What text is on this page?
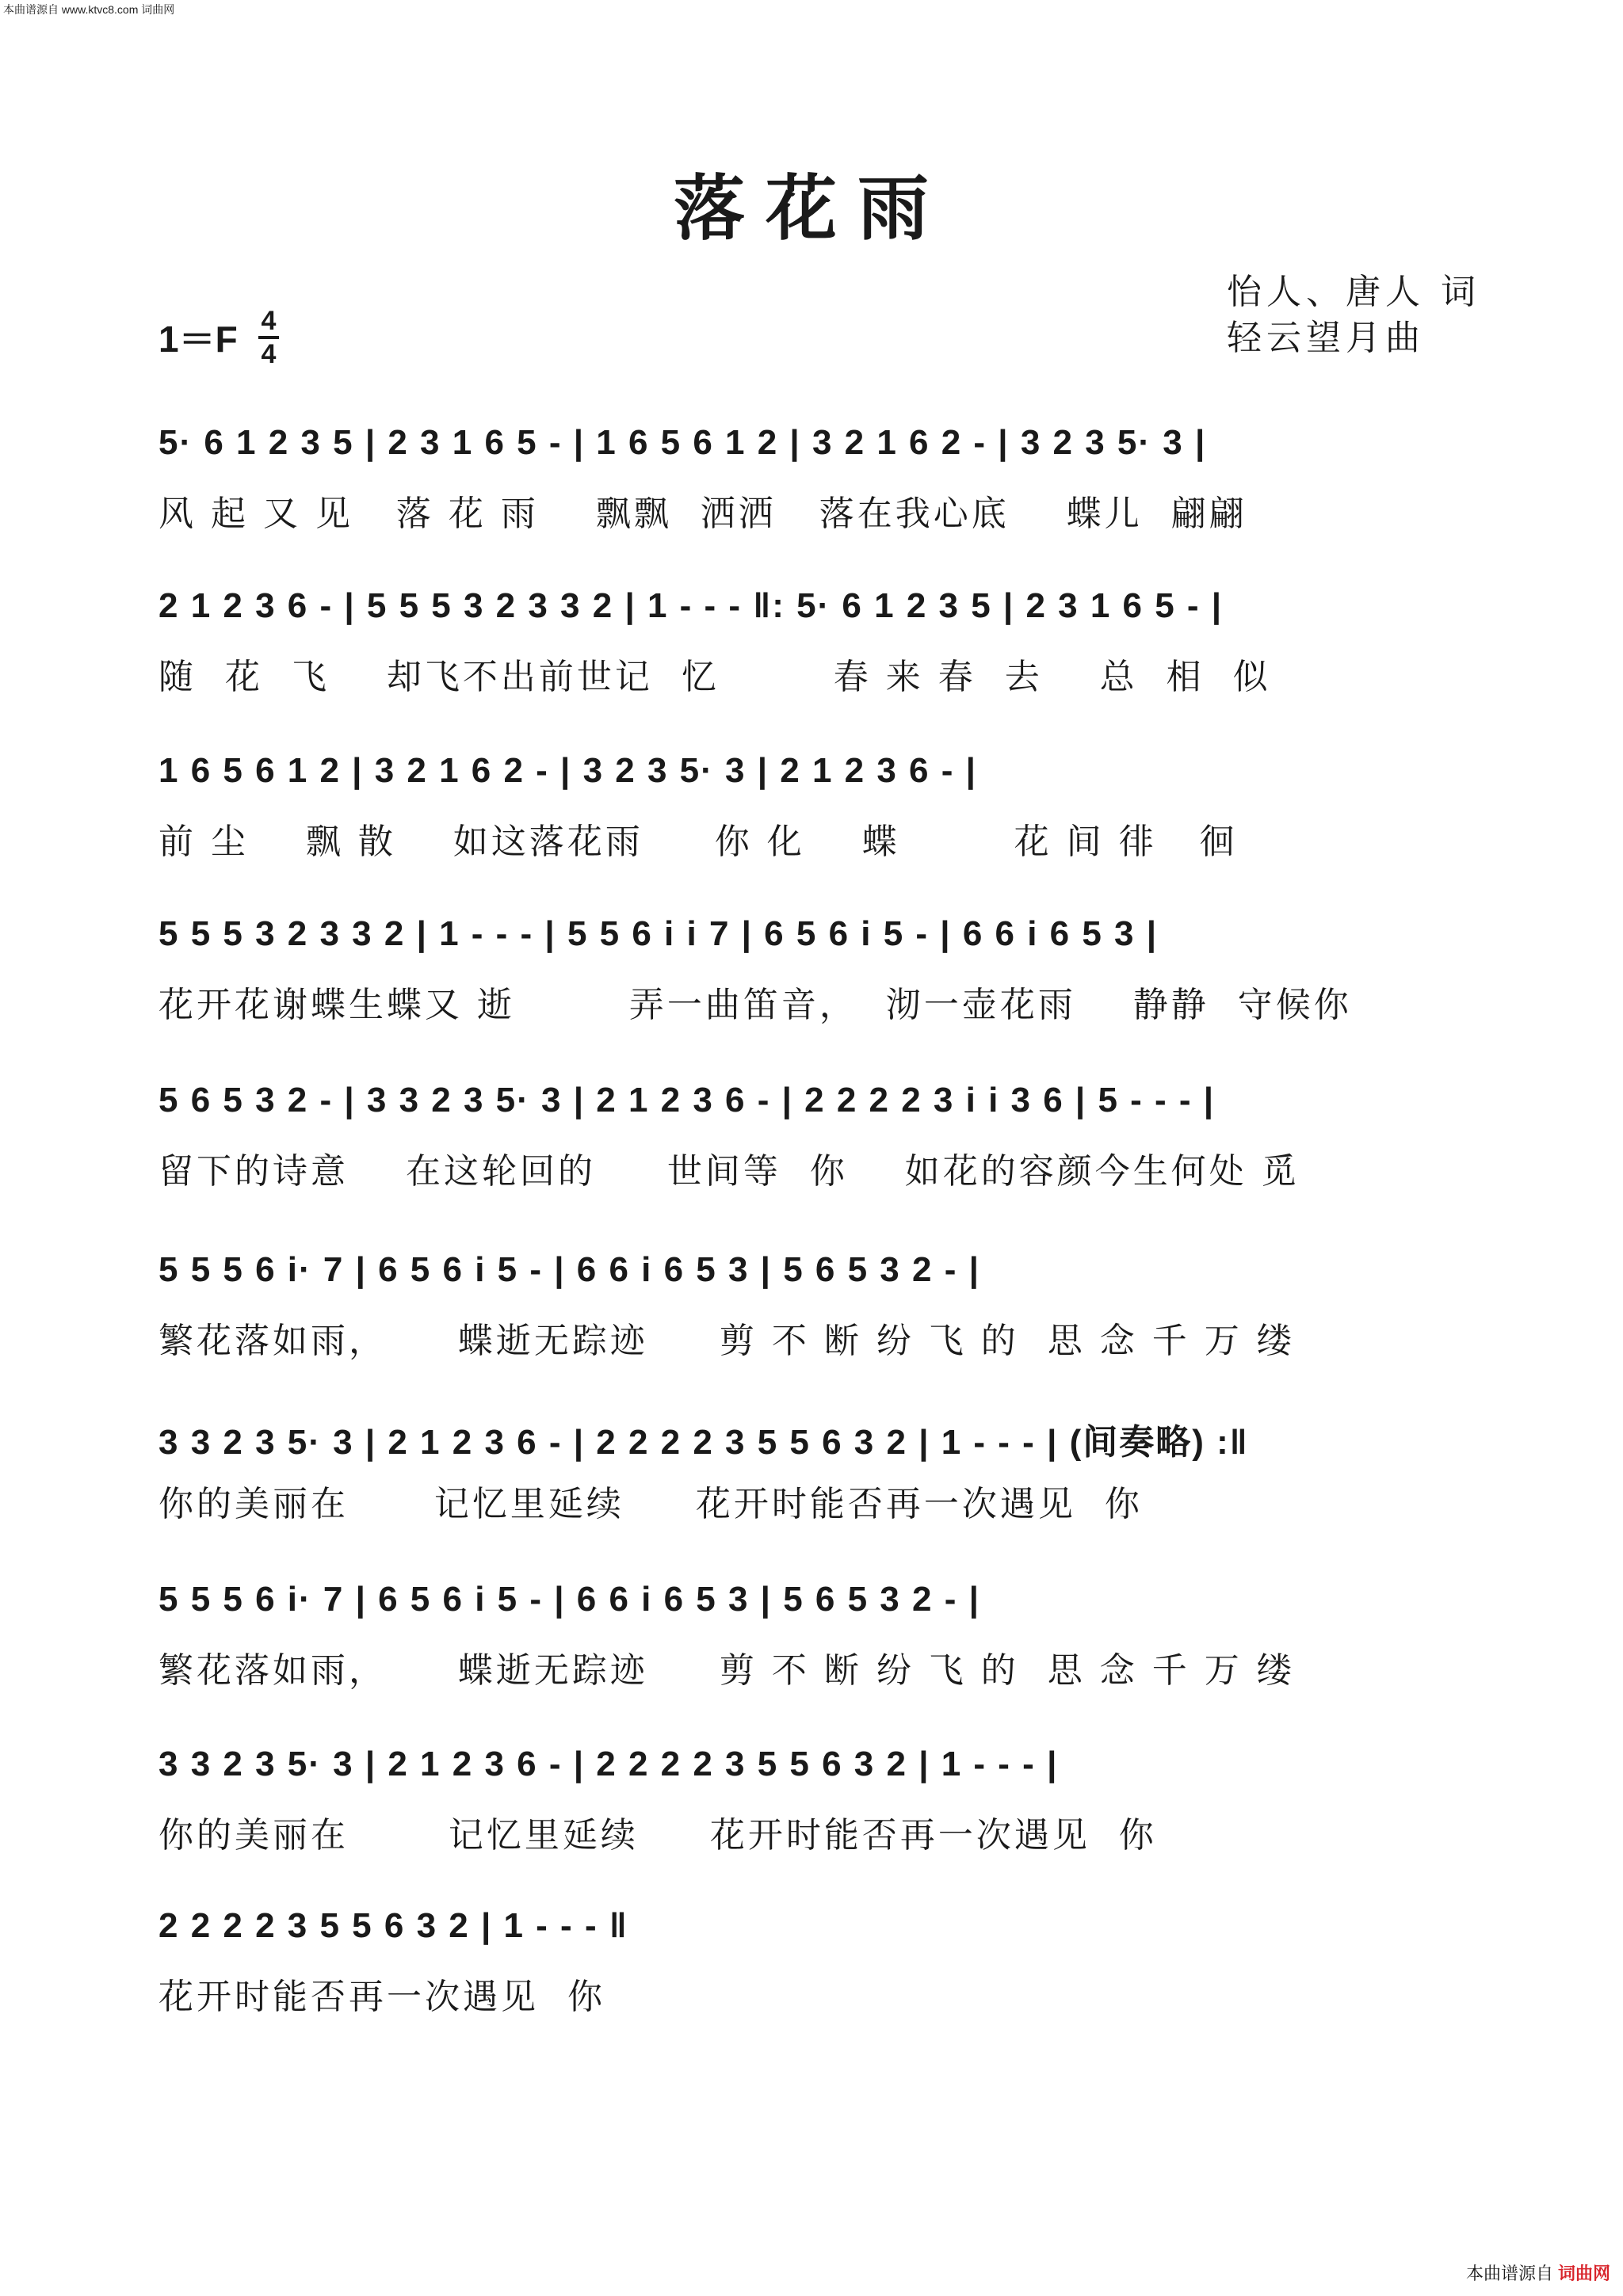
本曲谱源自 www.ktvc8.com 词曲网
落花雨
怡人、唐人 词
轻云望月曲
1＝F 4
4
5· 6 1 2 3 5 | 2 3 1 6 5 - | 1 6 5 6 1 2 | 3 2 1 6 2 - | 3 2 3 5· 3 |
风 起 又 见   落 花 雨    飘飘  洒洒   落在我心底    蝶儿  翩翩
2 1 2 3 6 - | 5 5 5 3 2 3 3 2 | 1 - - - ‖: 5· 6 1 2 3 5 | 2 3 1 6 5 - |
随  花  飞    却飞不出前世记  忆        春 来 春  去    总  相  似
1 6 5 6 1 2 | 3 2 1 6 2 - | 3 2 3 5· 3 | 2 1 2 3 6 - |
前 尘    飘 散    如这落花雨     你 化    蝶        花 间 徘   徊
5 5 5 3 2 3 3 2 | 1 - - - | 5 5 6 i i 7 | 6 5 6 i 5 - | 6 6 i 6 5 3 |
花开花谢蝶生蝶又 逝        弄一曲笛音，  沏一壶花雨    静静  守候你
5 6 5 3 2 - | 3 3 2 3 5· 3 | 2 1 2 3 6 - | 2 2 2 2 3 i i 3 6 | 5 - - - |
留下的诗意    在这轮回的     世间等  你    如花的容颜今生何处 觅
5 5 5 6 i· 7 | 6 5 6 i 5 - | 6 6 i 6 5 3 | 5 6 5 3 2 - |
繁花落如雨，     蝶逝无踪迹     剪 不 断 纷 飞 的  思 念 千 万 缕
3 3 2 3 5· 3 | 2 1 2 3 6 - | 2 2 2 2 3 5 5 6 3 2 | 1 - - - | (间奏略) :‖
你的美丽在      记忆里延续     花开时能否再一次遇见  你
5 5 5 6 i· 7 | 6 5 6 i 5 - | 6 6 i 6 5 3 | 5 6 5 3 2 - |
繁花落如雨，     蝶逝无踪迹     剪 不 断 纷 飞 的  思 念 千 万 缕
3 3 2 3 5· 3 | 2 1 2 3 6 - | 2 2 2 2 3 5 5 6 3 2 | 1 - - - |
你的美丽在       记忆里延续     花开时能否再一次遇见  你
2 2 2 2 3 5 5 6 3 2 | 1 - - - ‖
花开时能否再一次遇见  你
本曲谱源自 词曲网
